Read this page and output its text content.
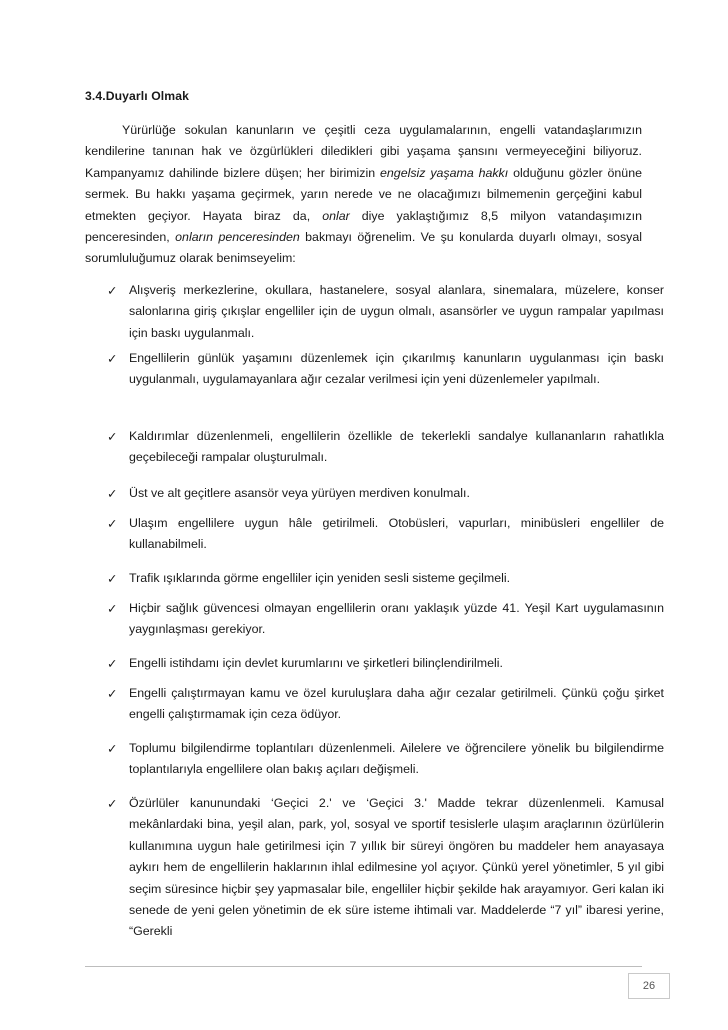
3.4.Duyarlı Olmak

Yürürlüğe sokulan kanunların ve çeşitli ceza uygulamalarının, engelli vatandaşlarımızın kendilerine tanınan hak ve özgürlükleri diledikleri gibi yaşama şansını vermeyeceğini biliyoruz. Kampanyamız dahilinde bizlere düşen; her birimizin engelsiz yaşama hakkı olduğunu gözler önüne sermek. Bu hakkı yaşama geçirmek, yarın nerede ve ne olacağımızı bilmemenin gerçeğini kabul etmekten geçiyor. Hayata biraz da, onlar diye yaklaştığımız 8,5 milyon vatandaşımızın penceresinden, onların penceresinden bakmayı öğrenelim. Ve şu konularda duyarlı olmayı, sosyal sorumluluğumuz olarak benimseyelim:

✓ Alışveriş merkezlerine, okullara, hastanelere, sosyal alanlara, sinemalara, müzelere, konser salonlarına giriş çıkışlar engelliler için de uygun olmalı, asansörler ve uygun rampalar yapılması için baskı uygulanmalı.
✓ Engellilerin günlük yaşamını düzenlemek için çıkarılmış kanunların uygulanması için baskı uygulanmalı, uygulamayanlara ağır cezalar verilmesi için yeni düzenlemeler yapılmalı.
✓ Kaldırımlar düzenlenmeli, engellilerin özellikle de tekerlekli sandalye kullananların rahatlıkla geçebileceği rampalar oluşturulmalı.
✓ Üst ve alt geçitlere asansör veya yürüyen merdiven konulmalı.
✓ Ulaşım engellilere uygun hâle getirilmeli. Otobüsleri, vapurları, minibüsleri engelliler de kullanabilmeli.
✓ Trafik ışıklarında görme engelliler için yeniden sesli sisteme geçilmeli.
✓ Hiçbir sağlık güvencesi olmayan engellilerin oranı yaklaşık yüzde 41. Yeşil Kart uygulamasının yaygınlaşması gerekiyor.
✓ Engelli istihdamı için devlet kurumlarını ve şirketleri bilinçlendirilmeli.
✓ Engelli çalıştırmayan kamu ve özel kuruluşlara daha ağır cezalar getirilmeli. Çünkü çoğu şirket engelli çalıştırmamak için ceza ödüyor.
✓ Toplumu bilgilendirme toplantıları düzenlenmeli. Ailelere ve öğrencilere yönelik bu bilgilendirme toplantılarıyla engellilere olan bakış açıları değişmeli.
✓ Özürlüler kanunundaki ‘Geçici 2.' ve ‘Geçici 3.' Madde tekrar düzenlenmeli. Kamusal mekânlardaki bina, yeşil alan, park, yol, sosyal ve sportif tesislerle ulaşım araçlarının özürlülerin kullanımına uygun hale getirilmesi için 7 yıllık bir süreyi öngören bu maddeler hem anayasaya aykırı hem de engellilerin haklarının ihlal edilmesine yol açıyor. Çünkü yerel yönetimler, 5 yıl gibi seçim süresince hiçbir şey yapmasalar bile, engelliler hiçbir şekilde hak arayamıyor. Geri kalan iki senede de yeni gelen yönetimin de ek süre isteme ihtimali var. Maddelerde “7 yıl” ibaresi yerine, “Gerekli
26
